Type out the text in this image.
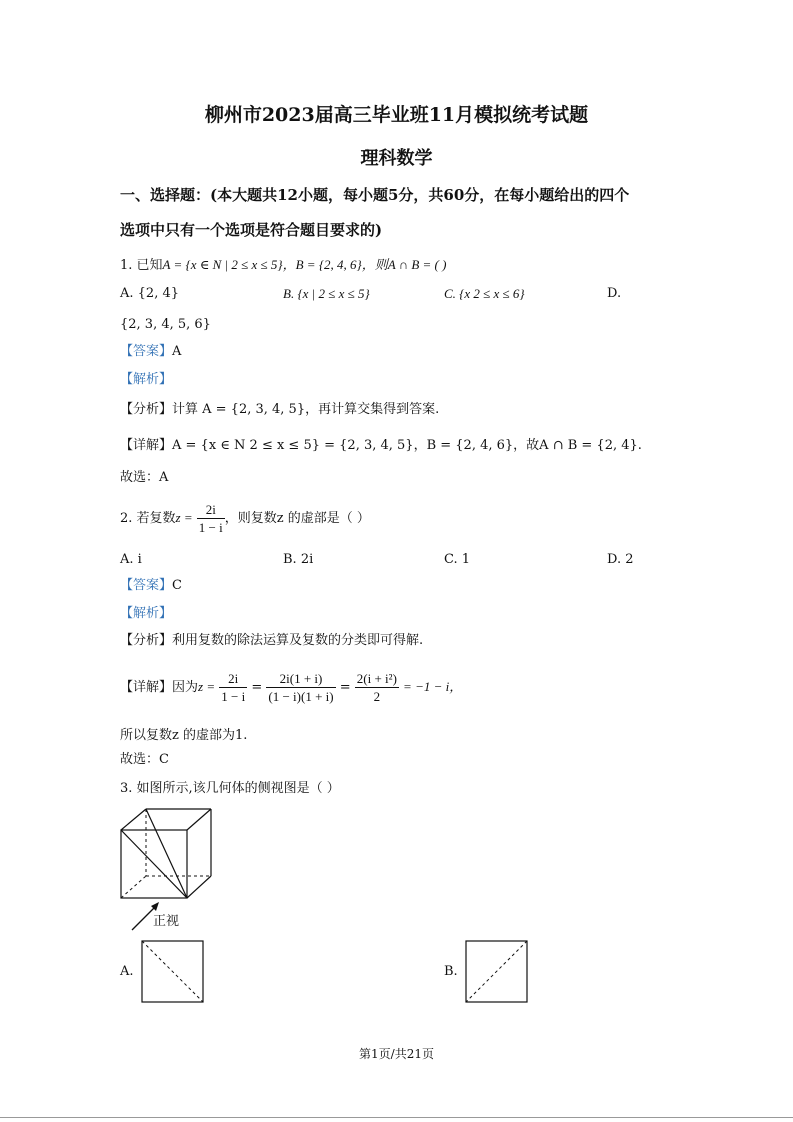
柳州市2023届高三毕业班11月模拟统考试题
理科数学
一、选择题：(本大题共12小题，每小题5分，共60分，在每小题给出的四个
选项中只有一个选项是符合题目要求的)
1. 已知A = {x ∈ N | 2 ≤ x ≤ 5}，B = {2, 4, 6}，则A ∩ B = ( )
A. {2, 4}	B. {x | 2 ≤ x ≤ 5}	C. {x 2 ≤ x ≤ 6}	D.
{2, 3, 4, 5, 6}
【答案】A
【解析】
【分析】计算 A = {2, 3, 4, 5}，再计算交集得到答案.
【详解】A = {x ∈ N 2 ≤ x ≤ 5} = {2, 3, 4, 5}，B = {2, 4, 6}，故A ∩ B = {2, 4}.
故选：A
2. 若复数$z = \frac{2i}{1 - i}$ ，则复数z 的虚部是（ ）
A. i	B. 2i	C. 1	D. 2
【答案】C
【解析】
【分析】利用复数的除法运算及复数的分类即可得解.
【详解】因为$z = \frac{2i}{1 - i} = \frac{2i(1 + i)}{(1 - i)(1 + i)} = \frac{\text{2(i + i²)}}{2} = -1 - i$，
所以复数z 的虚部为1.
故选：C
3. 如图所示,该几何体的侧视图是（ ）
正视
A.	B.
第1页/共21页
